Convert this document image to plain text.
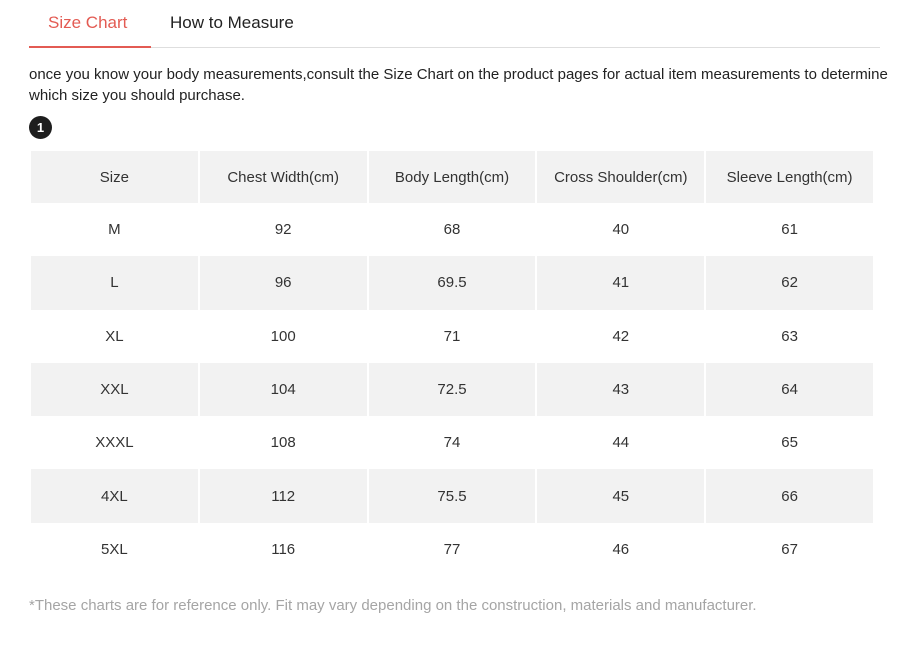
Size Chart	How to Measure
once you know your body measurements,consult the Size Chart on the product pages for actual item measurements to determine which size you should purchase.
1
Size	Chest Width(cm)	Body Length(cm)	Cross Shoulder(cm)	Sleeve Length(cm)
M	92	68	40	61
L	96	69.5	41	62
XL	100	71	42	63
XXL	104	72.5	43	64
XXXL	108	74	44	65
4XL	112	75.5	45	66
5XL	116	77	46	67
*These charts are for reference only. Fit may vary depending on the construction, materials and manufacturer.
